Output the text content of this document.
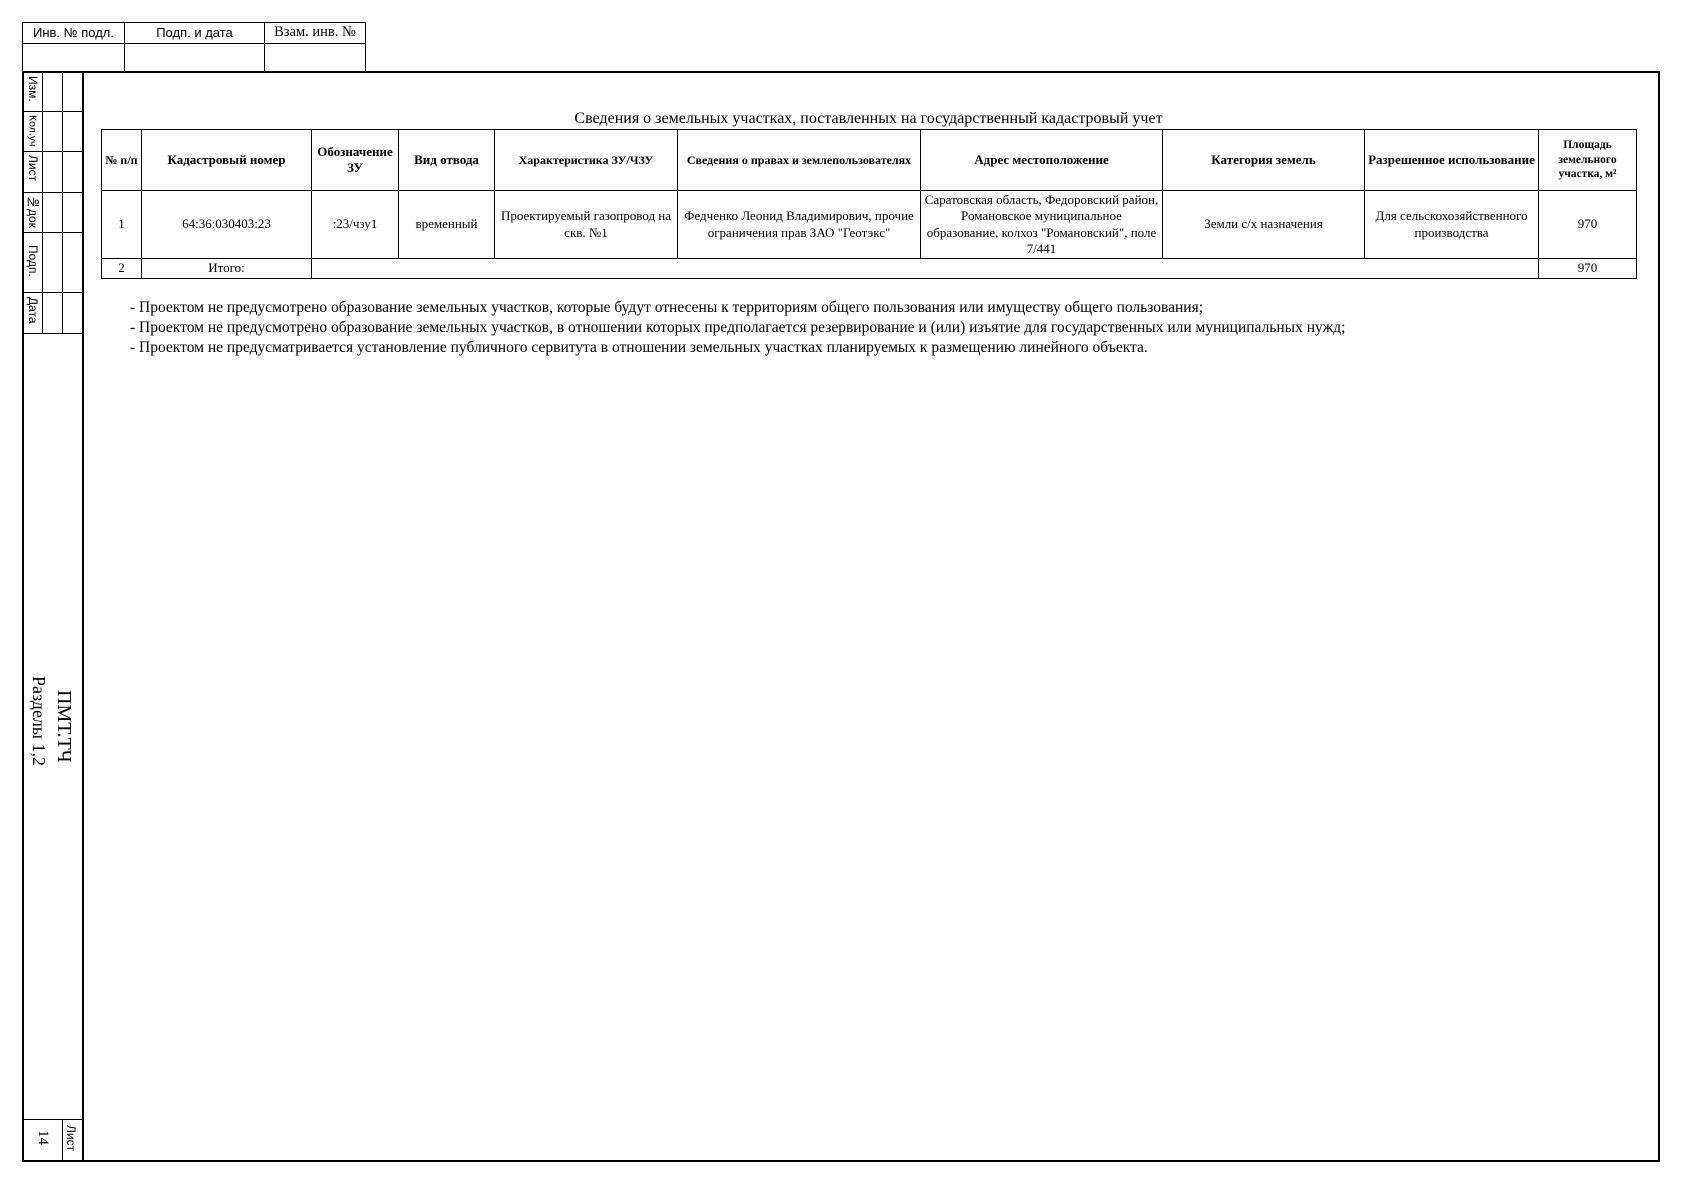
Инв. № подл.	Подп. и дата	Взам. инв. №
Изм.
Кол.уч
Лист
№док
Подп.
Дата
ПМТ.ТЧ
Разделы 1,2
Лист
14
Сведения о земельных участках, поставленных на государственный кадастровый учет
№ п/п	Кадастровый номер	Обозначение ЗУ	Вид отвода	Характеристика ЗУ/ЧЗУ	Сведения о правах и землепользователях	Адрес местоположение	Категория земель	Разрешенное использование	Площадь земельного участка, м²
1	64:36:030403:23	:23/чзу1	временный	Проектируемый газопровод на скв. №1	Федченко Леонид Владимирович, прочие ограничения прав ЗАО "Геотэкс"	Саратовская область, Федоровский район, Романовское муниципальное образование, колхоз "Романовский", поле 7/441	Земли с/х назначения	Для сельскохозяйственного производства	970
2	Итого:								970
- Проектом не предусмотрено образование земельных участков, которые будут отнесены к территориям общего пользования или имуществу общего пользования;
- Проектом не предусмотрено образование земельных участков, в отношении которых предполагается резервирование и (или) изъятие для государственных или муниципальных нужд;
- Проектом не предусматривается установление публичного сервитута в отношении земельных участках планируемых к размещению линейного объекта.
